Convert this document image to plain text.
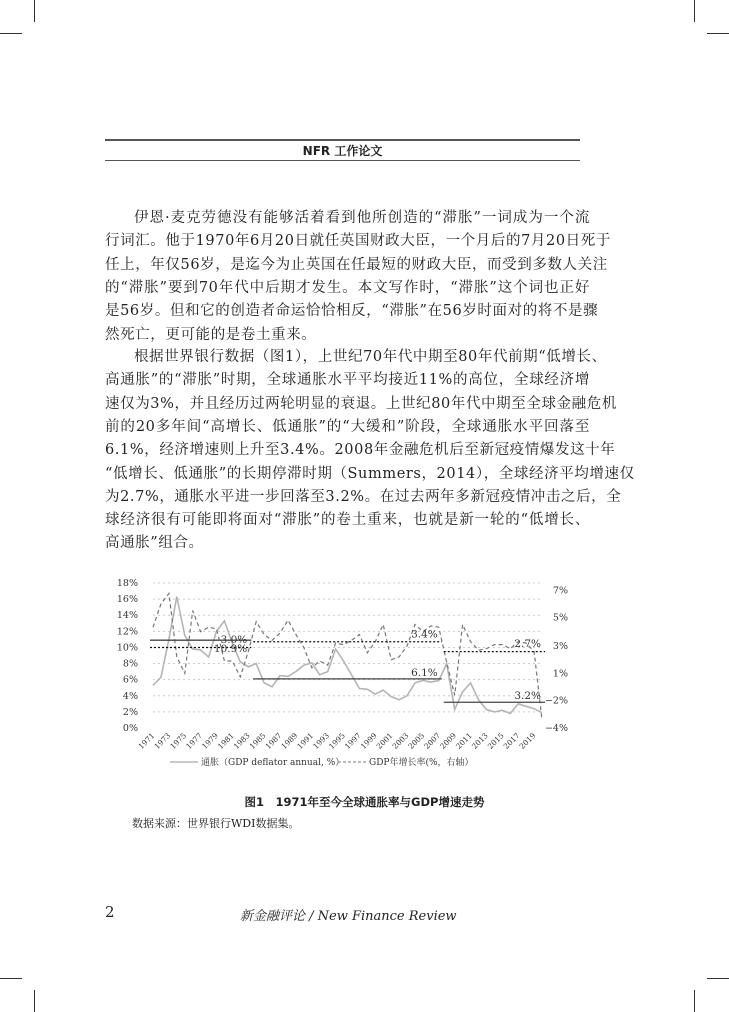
NFR 工作论文
伊恩·麦克劳德没有能够活着看到他所创造的“滞胀”一词成为一个流
行词汇。他于1970年6月20日就任英国财政大臣，一个月后的7月20日死于
任上，年仅56岁，是迄今为止英国在任最短的财政大臣，而受到多数人关注
的“滞胀”要到70年代中后期才发生。本文写作时，“滞胀”这个词也正好
是56岁。但和它的创造者命运恰恰相反，“滞胀”在56岁时面对的将不是骤
然死亡，更可能的是卷土重来。
根据世界银行数据（图1），上世纪70年代中期至80年代前期“低增长、
高通胀”的“滞胀”时期，全球通胀水平平均接近11%的高位，全球经济增
速仅为3%，并且经历过两轮明显的衰退。上世纪80年代中期至全球金融危机
前的20多年间“高增长、低通胀”的“大缓和”阶段，全球通胀水平回落至
6.1%，经济增速则上升至3.4%。2008年金融危机后至新冠疫情爆发这十年
“低增长、低通胀”的长期停滞时期（Summers，2014），全球经济平均增速仅
为2.7%，通胀水平进一步回落至3.2%。在过去两年多新冠疫情冲击之后，全
球经济很有可能即将面对“滞胀”的卷土重来，也就是新一轮的“低增长、
高通胀”组合。
0%
2%
4%
6%
8%
10%
12%
14%
16%
18%
−4%
−2%
1%
3%
5%
7%
1971
1973
1975
1977
1979
1981
1983
1985
1987
1989
1991
1993
1995
1997
1999
2001
2003
2005
2007
2009
2011
2013
2015
2017
2019
10.9%
3.0%
6.1%
3.4%
3.2%
2.7%
通胀（GDP deflator annual, %）	GDP年增长率(%，右轴）
图1　1971年至今全球通胀率与GDP增速走势
数据来源：世界银行WDI数据集。
2	新金融评论 / New Finance Review
